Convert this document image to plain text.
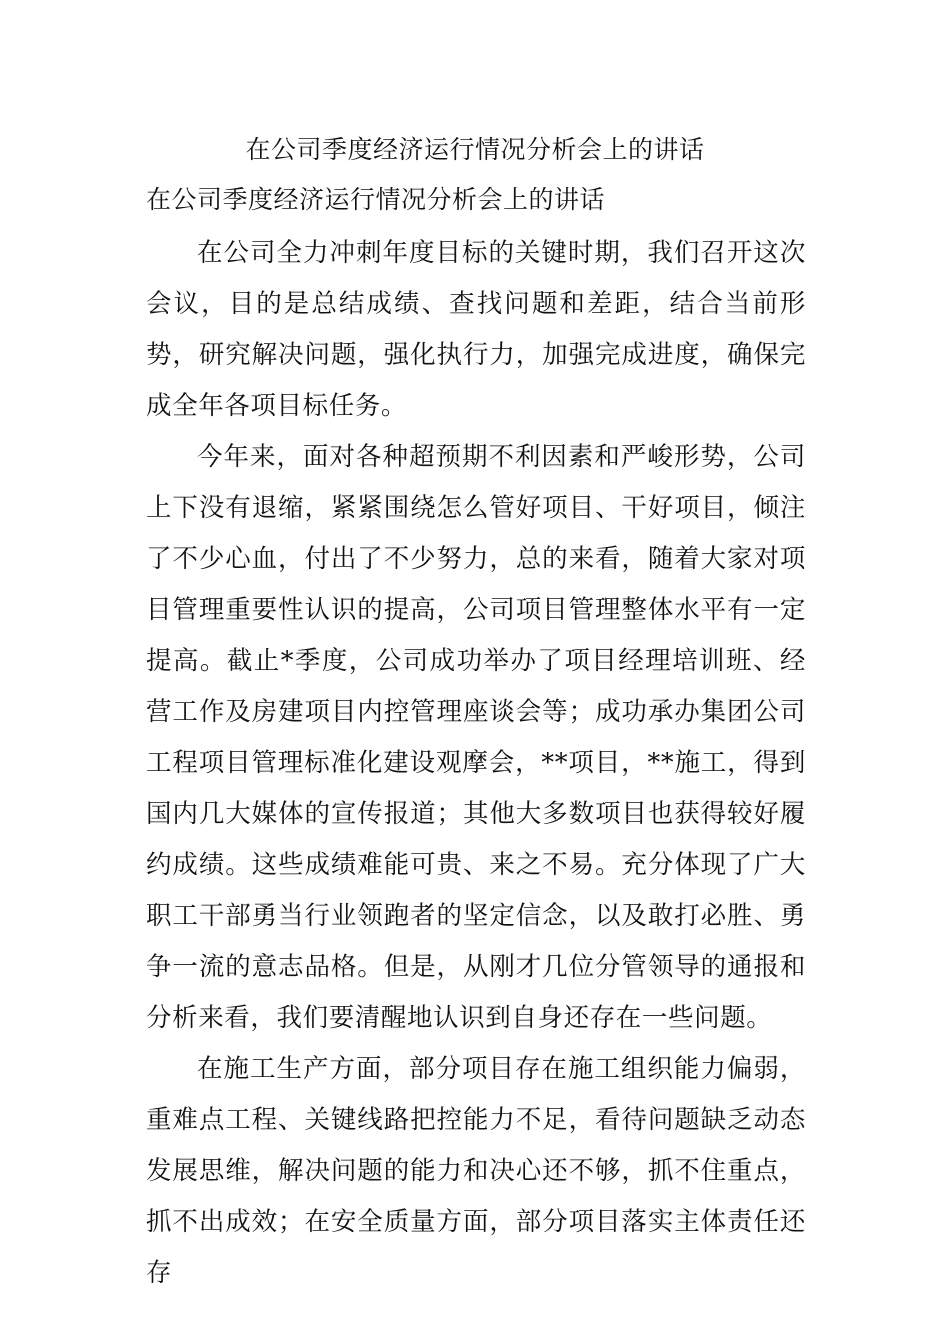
在公司季度经济运行情况分析会上的讲话
在公司季度经济运行情况分析会上的讲话

在公司全力冲刺年度目标的关键时期，我们召开这次会议，目的是总结成绩、查找问题和差距，结合当前形势，研究解决问题，强化执行力，加强完成进度，确保完成全年各项目标任务。

今年来，面对各种超预期不利因素和严峻形势，公司上下没有退缩，紧紧围绕怎么管好项目、干好项目，倾注了不少心血，付出了不少努力，总的来看，随着大家对项目管理重要性认识的提高，公司项目管理整体水平有一定提高。截止*季度，公司成功举办了项目经理培训班、经营工作及房建项目内控管理座谈会等；成功承办集团公司工程项目管理标准化建设观摩会，**项目，**施工，得到国内几大媒体的宣传报道；其他大多数项目也获得较好履约成绩。这些成绩难能可贵、来之不易。充分体现了广大职工干部勇当行业领跑者的坚定信念，以及敢打必胜、勇争一流的意志品格。但是，从刚才几位分管领导的通报和分析来看，我们要清醒地认识到自身还存在一些问题。

在施工生产方面，部分项目存在施工组织能力偏弱，重难点工程、关键线路把控能力不足，看待问题缺乏动态发展思维，解决问题的能力和决心还不够，抓不住重点，抓不出成效；在安全质量方面，部分项目落实主体责任还存
